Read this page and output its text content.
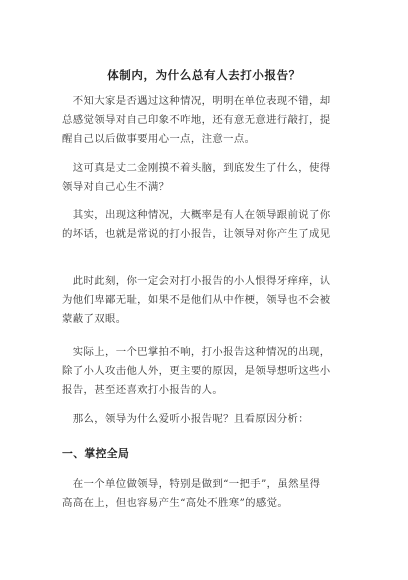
体制内，为什么总有人去打小报告？
　不知大家是否遇过这种情况，明明在单位表现不错，却
总感觉领导对自己印象不咋地，还有意无意进行敲打，提
醒自己以后做事要用心一点，注意一点。
　这可真是丈二金刚摸不着头脑，到底发生了什么，使得
领导对自己心生不满？
　其实，出现这种情况，大概率是有人在领导跟前说了你
的坏话，也就是常说的打小报告，让领导对你产生了成见
　此时此刻，你一定会对打小报告的小人恨得牙痒痒，认
为他们卑鄙无耻，如果不是他们从中作梗，领导也不会被
蒙蔽了双眼。
　实际上，一个巴掌拍不响，打小报告这种情况的出现，
除了小人攻击他人外，更主要的原因，是领导想听这些小
报告，甚至还喜欢打小报告的人。
　那么，领导为什么爱听小报告呢？且看原因分析：
一、掌控全局
　在一个单位做领导，特别是做到“一把手”，虽然星得
高高在上，但也容易产生“高处不胜寒”的感觉。
